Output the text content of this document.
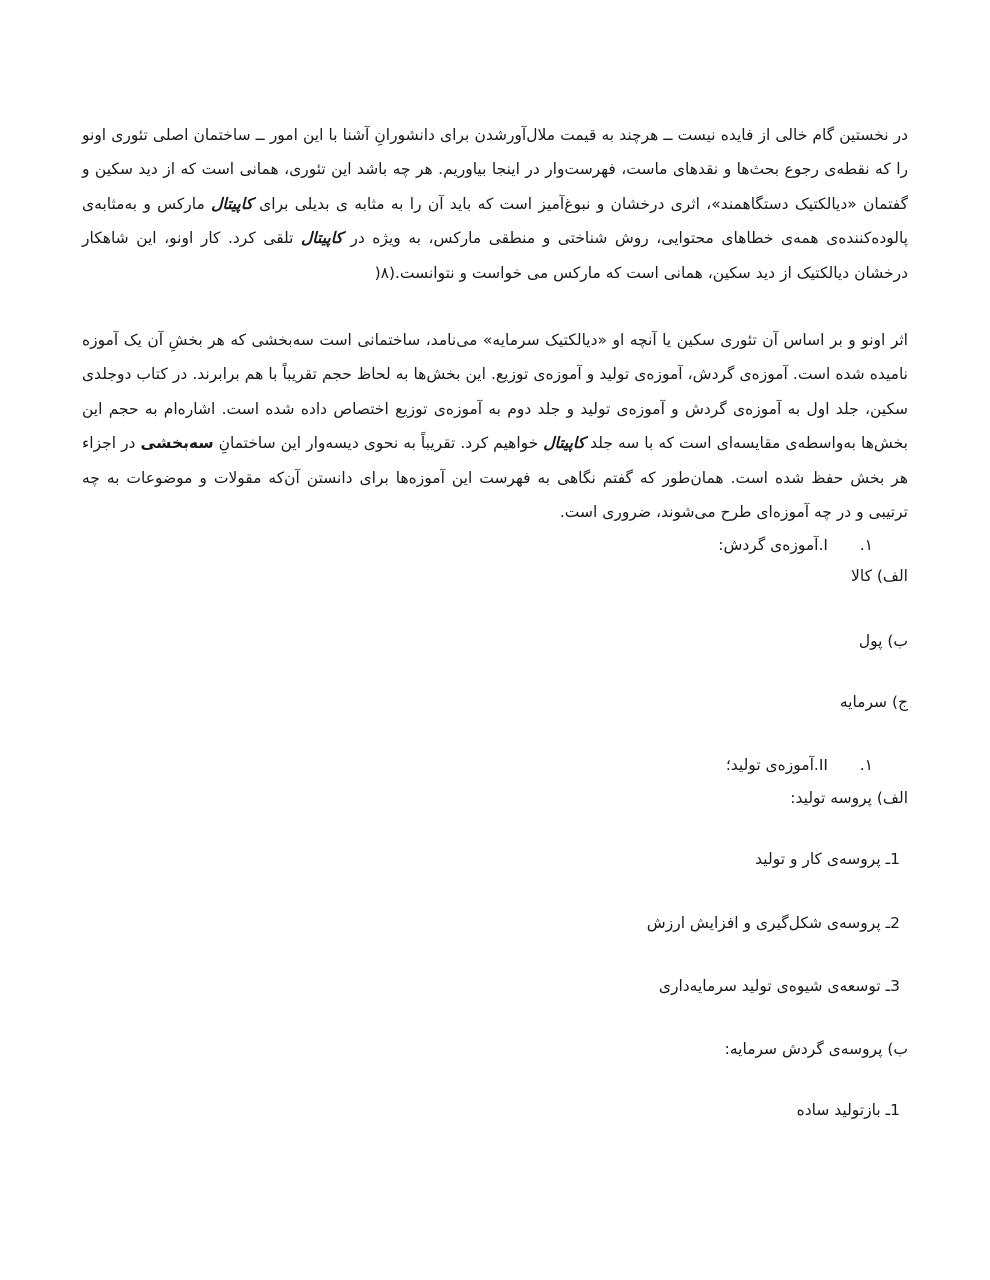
در نخستین گام خالی از فایده نیست ــ هرچند به قیمت ملال‌آورشدن برای دانشورانِ آشنا با این امور ــ ساختمان اصلی تئوری اونو را که نقطه‌ی رجوع بحث‌ها و نقدهای ماست، فهرست‌وار در اینجا بیاوریم. ه‍ر چه باشد این تئوری، همانی است که از دید سکین و گفتمان «دیالکتیک دستگاهمند»، اثری درخشان و نبوغ‌آمیز است که باید آن را به مثابه ی بدیلی برای کاپیتال مارکس و به‌مثابه‌ی پالوده‌کننده‌ی همه‌ی خطاهای محتوایی، روش شناختی و منطقی مارکس، به ویژه در کاپیتال تلقی کرد. کار اونو، این شاهکار درخشان دیالکتیک از دید سکین، همانی است که مارکس می خواست و نتوانست.(۸(

اثر اونو و بر اساس آن تئوری سکین یا آنچه او «دیالکتیک سرمایه» می‌نامد، ساختمانی است سه‌بخشی که هر بخشِ آن یک آموزه نامیده شده است. آموزه‌ی گردش، آموزه‌ی تولید و آموزه‌ی توزیع. این بخش‌ها به لحاظ حجم تقریباً با هم برابرند. در کتاب دوجلدی سکین، جلد اول به آموزه‌ی گردش و آموزه‌ی تولید و جلد دوم به آموزه‌ی توزیع اختصاص داده شده است. اشاره‌ام به حجم این بخش‌ها به‌واسطه‌ی مقایسه‌ای است که با سه جلد کاپیتال خواهیم کرد. تقریباً به نحوی دیسه‌وار این ساختمانِ سه‌بخشی در اجزاء هر بخش حفظ شده است. همان‌طور که گفتم نگاهی به فهرست این آموزه‌ها برای دانستن آن‌که مقولات و موضوعات به چه ترتیبی و در چه آموزه‌ای طرح می‌شوند، ضروری است.

۱.
I.آموزه‌ی گردش:
الف) کالا
ب) پول
ج) سرمایه
۱.
II.آموزه‌ی تولید؛
الف) پروسه تولید:
1ـ پروسه‌ی کار و تولید
2ـ پروسه‌ی شکل‌گیری و افزایش ارزش
3ـ توسعه‌ی شیوه‌ی تولید سرمایه‌داری
ب) پروسه‌ی گردش سرمایه:
1ـ بازتولید ساده
